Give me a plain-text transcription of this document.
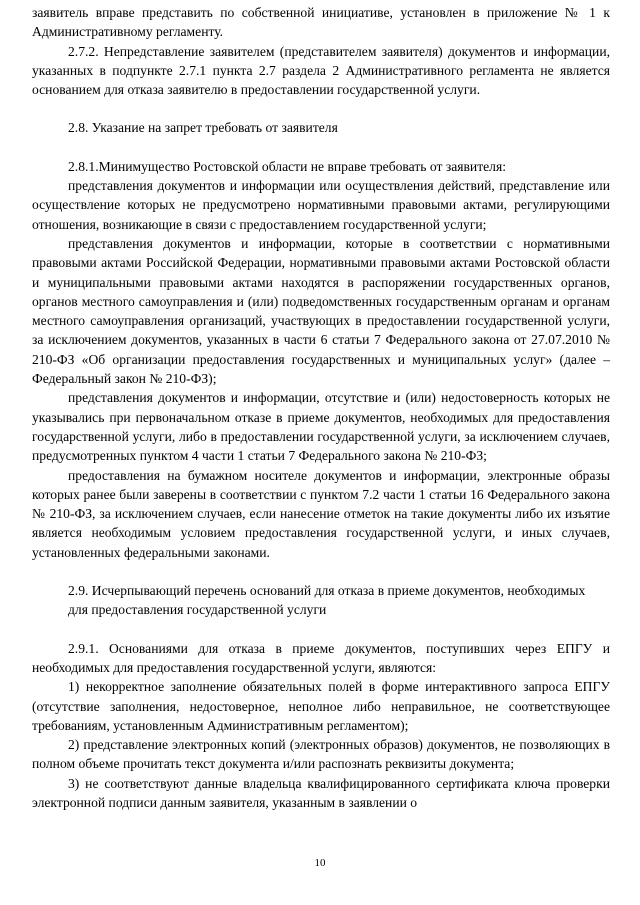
заявитель вправе представить по собственной инициативе, установлен в приложение № 1 к Административному регламенту.

2.7.2. Непредставление заявителем (представителем заявителя) документов и информации, указанных в подпункте 2.7.1 пункта 2.7 раздела 2 Административного регламента не является основанием для отказа заявителю в предоставлении государственной услуги.

2.8. Указание на запрет требовать от заявителя

2.8.1.Минимущество Ростовской области не вправе требовать от заявителя:

представления документов и информации или осуществления действий, представление или осуществление которых не предусмотрено нормативными правовыми актами, регулирующими отношения, возникающие в связи с предоставлением государственной услуги;

представления документов и информации, которые в соответствии с нормативными правовыми актами Российской Федерации, нормативными правовыми актами Ростовской области и муниципальными правовыми актами находятся в распоряжении государственных органов, органов местного самоуправления и (или) подведомственных государственным органам и органам местного самоуправления организаций, участвующих в предоставлении государственной услуги, за исключением документов, указанных в части 6 статьи 7 Федерального закона от 27.07.2010 № 210-ФЗ «Об организации предоставления государственных и муниципальных услуг» (далее – Федеральный закон № 210-ФЗ);

представления документов и информации, отсутствие и (или) недостоверность которых не указывались при первоначальном отказе в приеме документов, необходимых для предоставления государственной услуги, либо в предоставлении государственной услуги, за исключением случаев, предусмотренных пунктом 4 части 1 статьи 7 Федерального закона № 210-ФЗ;

предоставления на бумажном носителе документов и информации, электронные образы которых ранее были заверены в соответствии с пунктом 7.2 части 1 статьи 16 Федерального закона № 210-ФЗ, за исключением случаев, если нанесение отметок на такие документы либо их изъятие является необходимым условием предоставления государственной услуги, и иных случаев, установленных федеральными законами.

2.9. Исчерпывающий перечень оснований для отказа в приеме документов, необходимых

для предоставления государственной услуги

2.9.1. Основаниями для отказа в приеме документов, поступивших через ЕПГУ и необходимых для предоставления государственной услуги, являются:

1) некорректное заполнение обязательных полей в форме интерактивного запроса ЕПГУ (отсутствие заполнения, недостоверное, неполное либо неправильное, не соответствующее требованиям, установленным Административным регламентом);

2) представление электронных копий (электронных образов) документов, не позволяющих в полном объеме прочитать текст документа и/или распознать реквизиты документа;

3) не соответствуют данные владельца квалифицированного сертификата ключа проверки электронной подписи данным заявителя, указанным в заявлении о

10
